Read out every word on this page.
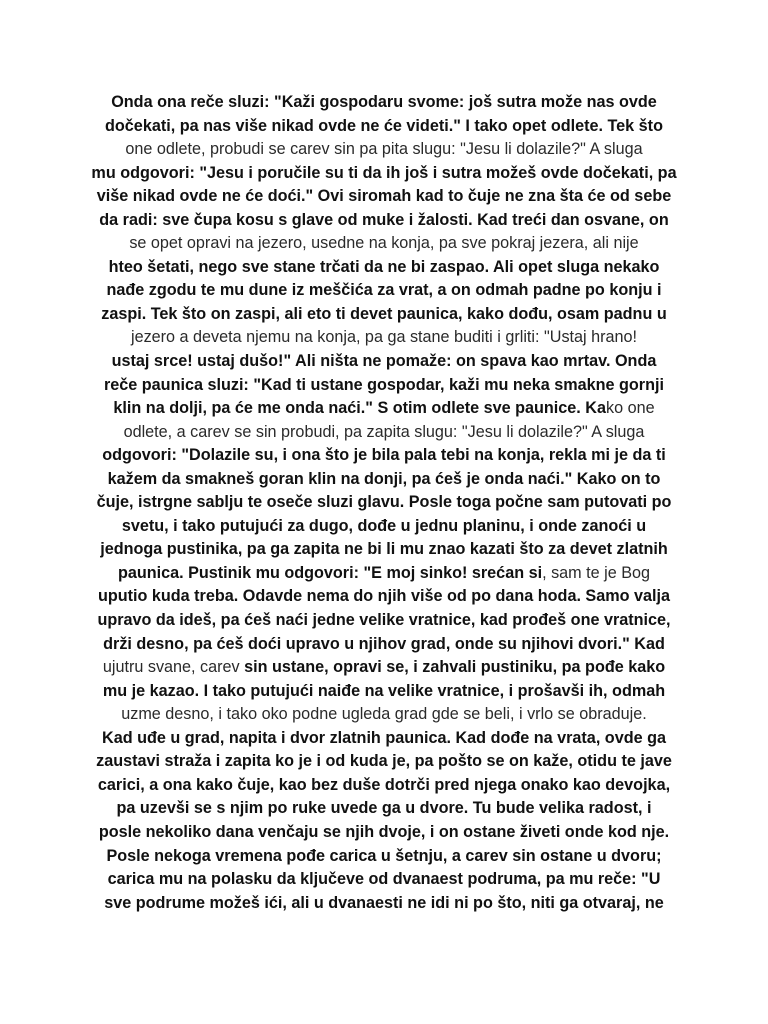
Onda ona reče sluzi: "Kaži gospodaru svome: još sutra može nas ovde
dočekati, pa nas više nikad ovde ne će videti." I tako opet odlete. Tek što
one odlete, probudi se carev sin pa pita slugu: "Jesu li dolazile?" A sluga
mu odgovori: "Jesu i poručile su ti da ih još i sutra možeš ovde dočekati, pa
više nikad ovde ne će doći." Ovi siromah kad to čuje ne zna šta će od sebe
da radi: sve čupa kosu s glave od muke i žalosti. Kad treći dan osvane, on
se opet opravi na jezero, usedne na konja, pa sve pokraj jezera, ali nije
hteo šetati, nego sve stane trčati da ne bi zaspao. Ali opet sluga nekako
nađe zgodu te mu dune iz meščića za vrat, a on odmah padne po konju i
zaspi. Tek što on zaspi, ali eto ti devet paunica, kako dođu, osam padnu u
jezero a deveta njemu na konja, pa ga stane buditi i grliti: "Ustaj hrano!
ustaj srce! ustaj dušo!" Ali ništa ne pomaže: on spava kao mrtav. Onda
reče paunica sluzi: "Kad ti ustane gospodar, kaži mu neka smakne gornji
klin na dolji, pa će me onda naći." S otim odlete sve paunice. Kako one
odlete, a carev se sin probudi, pa zapita slugu: "Jesu li dolazile?" A sluga
odgovori: "Dolazile su, i ona što je bila pala tebi na konja, rekla mi je da ti
kažem da smakneš goran klin na donji, pa ćeš je onda naći." Kako on to
čuje, istrgne sablju te oseče sluzi glavu. Posle toga počne sam putovati po
svetu, i tako putujući za dugo, dođe u jednu planinu, i onde zanoći u
jednoga pustinika, pa ga zapita ne bi li mu znao kazati što za devet zlatnih
paunica. Pustinik mu odgovori: "E moj sinko! srećan si, sam te je Bog
uputio kuda treba. Odavde nema do njih više od po dana hoda. Samo valja
upravo da ideš, pa ćeš naći jedne velike vratnice, kad prođeš one vratnice,
drži desno, pa ćeš doći upravo u njihov grad, onde su njihovi dvori." Kad
ujutru svane, carev sin ustane, opravi se, i zahvali pustiniku, pa pođe kako
mu je kazao. I tako putujući naiđe na velike vratnice, i prošavši ih, odmah
uzme desno, i tako oko podne ugleda grad gde se beli, i vrlo se obraduje.
Kad uđe u grad, napita i dvor zlatnih paunica. Kad dođe na vrata, ovde ga
zaustavi straža i zapita ko je i od kuda je, pa pošto se on kaže, otidu te jave
carici, a ona kako čuje, kao bez duše dotrči pred njega onako kao devojka,
pa uzevši se s njim po ruke uvede ga u dvore. Tu bude velika radost, i
posle nekoliko dana venčaju se njih dvoje, i on ostane živeti onde kod nje.
Posle nekoga vremena pođe carica u šetnju, a carev sin ostane u dvoru;
carica mu na polasku da ključeve od dvanaest podruma, pa mu reče: "U
sve podrume možeš ići, ali u dvanaesti ne idi ni po što, niti ga otvaraj, ne
